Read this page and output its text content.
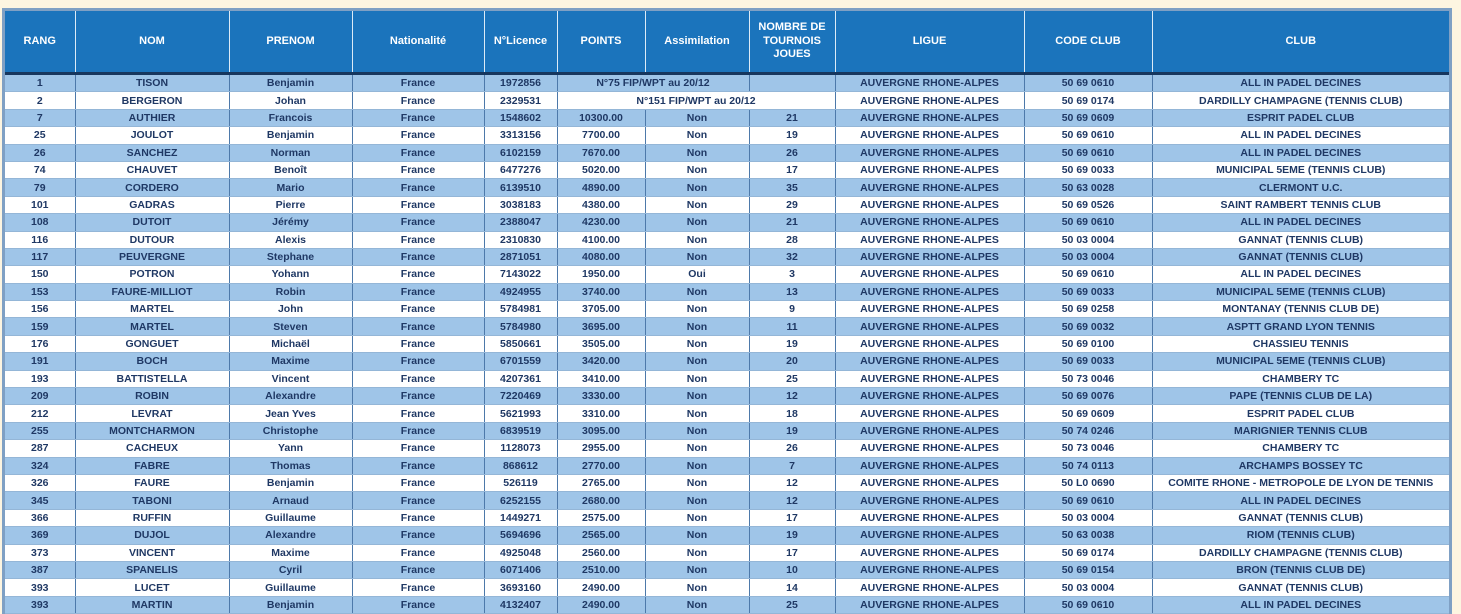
RANG	NOM	PRENOM	Nationalité	N°Licence	POINTS	Assimilation	NOMBRE DE TOURNOIS JOUES	LIGUE	CODE CLUB	CLUB
1	TISON	Benjamin	France	1972856	N°75 FIP/WPT au 20/12			AUVERGNE RHONE-ALPES	50 69 0610	ALL IN PADEL DECINES
2	BERGERON	Johan	France	2329531	N°151 FIP/WPT au 20/12			AUVERGNE RHONE-ALPES	50 69 0174	DARDILLY CHAMPAGNE (TENNIS CLUB)
7	AUTHIER	Francois	France	1548602	10300.00	Non	21	AUVERGNE RHONE-ALPES	50 69 0609	ESPRIT PADEL CLUB
25	JOULOT	Benjamin	France	3313156	7700.00	Non	19	AUVERGNE RHONE-ALPES	50 69 0610	ALL IN PADEL DECINES
26	SANCHEZ	Norman	France	6102159	7670.00	Non	26	AUVERGNE RHONE-ALPES	50 69 0610	ALL IN PADEL DECINES
74	CHAUVET	Benoît	France	6477276	5020.00	Non	17	AUVERGNE RHONE-ALPES	50 69 0033	MUNICIPAL 5EME (TENNIS CLUB)
79	CORDERO	Mario	France	6139510	4890.00	Non	35	AUVERGNE RHONE-ALPES	50 63 0028	CLERMONT U.C.
101	GADRAS	Pierre	France	3038183	4380.00	Non	29	AUVERGNE RHONE-ALPES	50 69 0526	SAINT RAMBERT TENNIS CLUB
108	DUTOIT	Jérémy	France	2388047	4230.00	Non	21	AUVERGNE RHONE-ALPES	50 69 0610	ALL IN PADEL DECINES
116	DUTOUR	Alexis	France	2310830	4100.00	Non	28	AUVERGNE RHONE-ALPES	50 03 0004	GANNAT (TENNIS CLUB)
117	PEUVERGNE	Stephane	France	2871051	4080.00	Non	32	AUVERGNE RHONE-ALPES	50 03 0004	GANNAT (TENNIS CLUB)
150	POTRON	Yohann	France	7143022	1950.00	Oui	3	AUVERGNE RHONE-ALPES	50 69 0610	ALL IN PADEL DECINES
153	FAURE-MILLIOT	Robin	France	4924955	3740.00	Non	13	AUVERGNE RHONE-ALPES	50 69 0033	MUNICIPAL 5EME (TENNIS CLUB)
156	MARTEL	John	France	5784981	3705.00	Non	9	AUVERGNE RHONE-ALPES	50 69 0258	MONTANAY (TENNIS CLUB DE)
159	MARTEL	Steven	France	5784980	3695.00	Non	11	AUVERGNE RHONE-ALPES	50 69 0032	ASPTT GRAND LYON TENNIS
176	GONGUET	Michaël	France	5850661	3505.00	Non	19	AUVERGNE RHONE-ALPES	50 69 0100	CHASSIEU TENNIS
191	BOCH	Maxime	France	6701559	3420.00	Non	20	AUVERGNE RHONE-ALPES	50 69 0033	MUNICIPAL 5EME (TENNIS CLUB)
193	BATTISTELLA	Vincent	France	4207361	3410.00	Non	25	AUVERGNE RHONE-ALPES	50 73 0046	CHAMBERY TC
209	ROBIN	Alexandre	France	7220469	3330.00	Non	12	AUVERGNE RHONE-ALPES	50 69 0076	PAPE (TENNIS CLUB DE LA)
212	LEVRAT	Jean Yves	France	5621993	3310.00	Non	18	AUVERGNE RHONE-ALPES	50 69 0609	ESPRIT PADEL CLUB
255	MONTCHARMON	Christophe	France	6839519	3095.00	Non	19	AUVERGNE RHONE-ALPES	50 74 0246	MARIGNIER TENNIS CLUB
287	CACHEUX	Yann	France	1128073	2955.00	Non	26	AUVERGNE RHONE-ALPES	50 73 0046	CHAMBERY TC
324	FABRE	Thomas	France	868612	2770.00	Non	7	AUVERGNE RHONE-ALPES	50 74 0113	ARCHAMPS BOSSEY TC
326	FAURE	Benjamin	France	526119	2765.00	Non	12	AUVERGNE RHONE-ALPES	50 L0 0690	COMITE RHONE - METROPOLE DE LYON DE TENNIS
345	TABONI	Arnaud	France	6252155	2680.00	Non	12	AUVERGNE RHONE-ALPES	50 69 0610	ALL IN PADEL DECINES
366	RUFFIN	Guillaume	France	1449271	2575.00	Non	17	AUVERGNE RHONE-ALPES	50 03 0004	GANNAT (TENNIS CLUB)
369	DUJOL	Alexandre	France	5694696	2565.00	Non	19	AUVERGNE RHONE-ALPES	50 63 0038	RIOM (TENNIS CLUB)
373	VINCENT	Maxime	France	4925048	2560.00	Non	17	AUVERGNE RHONE-ALPES	50 69 0174	DARDILLY CHAMPAGNE (TENNIS CLUB)
387	SPANELIS	Cyril	France	6071406	2510.00	Non	10	AUVERGNE RHONE-ALPES	50 69 0154	BRON (TENNIS CLUB DE)
393	LUCET	Guillaume	France	3693160	2490.00	Non	14	AUVERGNE RHONE-ALPES	50 03 0004	GANNAT (TENNIS CLUB)
393	MARTIN	Benjamin	France	4132407	2490.00	Non	25	AUVERGNE RHONE-ALPES	50 69 0610	ALL IN PADEL DECINES
